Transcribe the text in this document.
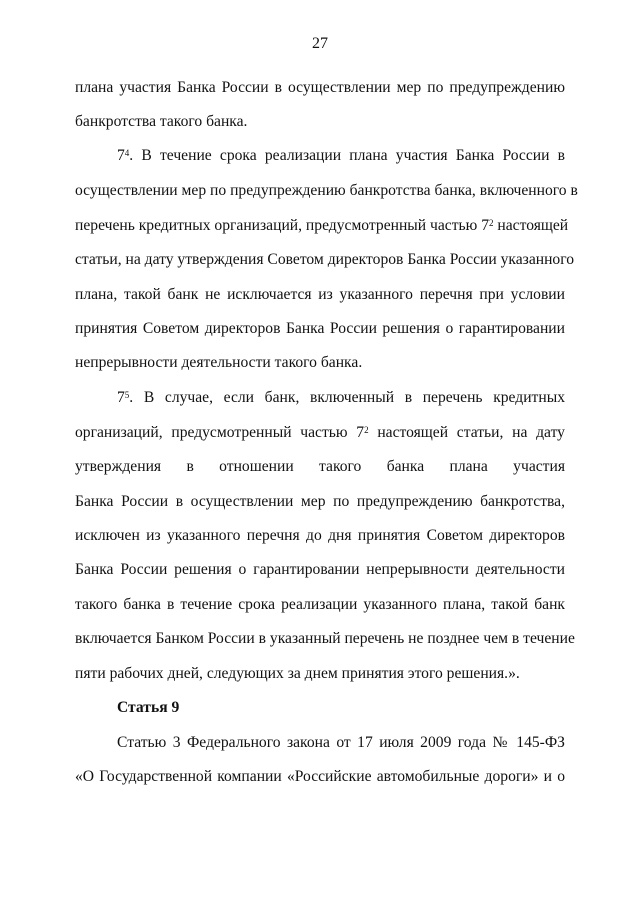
27
плана участия Банка России в осуществлении мер по предупреждению
банкротства такого банка.
$7^4$. В течение срока реализации плана участия Банка России в
осуществлении мер по предупреждению банкротства банка, включенного в
перечень кредитных организаций, предусмотренный частью $7^2$ настоящей
статьи, на дату утверждения Советом директоров Банка России указанного
плана, такой банк не исключается из указанного перечня при условии
принятия Советом директоров Банка России решения о гарантировании
непрерывности деятельности такого банка.
$7^5$. В случае, если банк, включенный в перечень кредитных
организаций, предусмотренный частью $7^2$ настоящей статьи, на дату
утверждения в отношении такого банка плана участия
Банка России в осуществлении мер по предупреждению банкротства,
исключен из указанного перечня до дня принятия Советом директоров
Банка России решения о гарантировании непрерывности деятельности
такого банка в течение срока реализации указанного плана, такой банк
включается Банком России в указанный перечень не позднее чем в течение
пяти рабочих дней, следующих за днем принятия этого решения.».
Статья 9
Статью 3 Федерального закона от 17 июля 2009 года № 145-ФЗ
«О Государственной компании «Российские автомобильные дороги» и о
